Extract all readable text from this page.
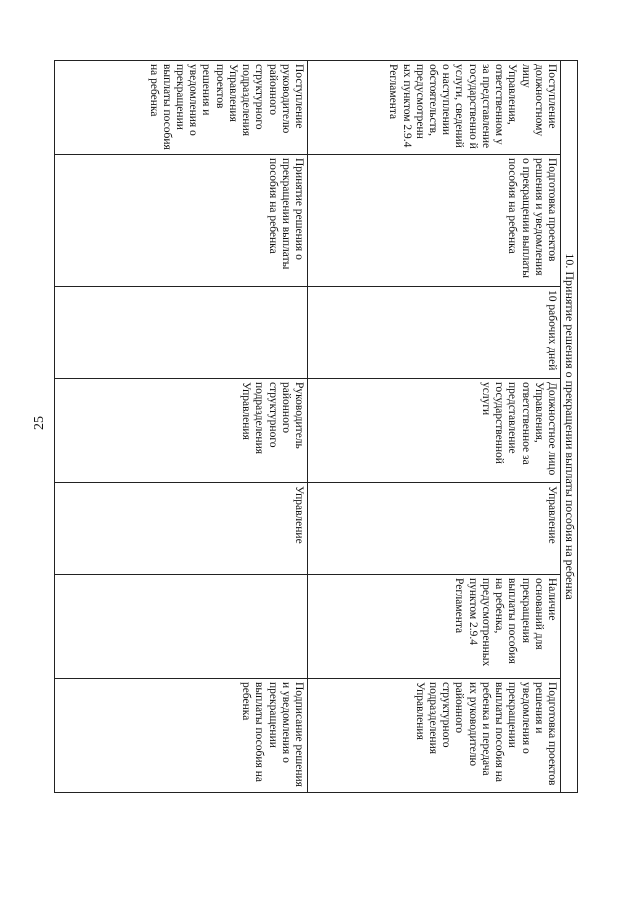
25	10. Принятие решения о прекращении выплаты пособия на ребенка						
Поступление должностному лицу Управления, ответственном у за представление государственно й услуги, сведений о наступлении обстоятельств, предусмотренн ых пунктом 2.9.4 Регламента	Подготовка проектов решения и уведомления о прекращении выплаты пособия на ребенка	10 рабочих дней	Должностное лицо Управления, ответственное за представление государственной услуги	Управление	Наличие оснований для прекращения выплаты пособия на ребенка, предусмотренных пунктом 2.9.4 Регламента	Подготовка проектов решения и уведомления о прекращении выплаты пособия на ребенка и передача их руководителю районного структурного подразделения Управления
Поступление руководителю районного структурного подразделения Управления проектов решения и уведомления о прекращении выплаты пособия на ребенка	Принятие решения о прекращении выплаты пособия на ребенка		Руководитель районного структурного подразделения Управления	Управление		Подписание решения и уведомления о прекращении выплаты пособия на ребенка
